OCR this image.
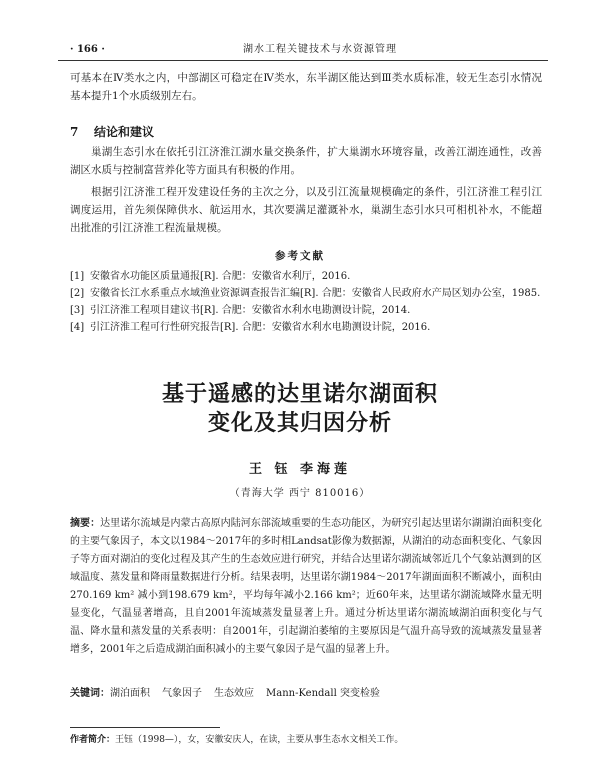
· 166 ·	湖水工程关键技术与水资源管理

可基本在Ⅳ类水之内，中部湖区可稳定在Ⅳ类水，东半湖区能达到Ⅲ类水质标准，较无生态引水情况基本提升1个水质级别左右。

7 结论和建议

巢湖生态引水在依托引江济淮江湖水量交换条件，扩大巢湖水环境容量，改善江湖连通性，改善湖区水质与控制富营养化等方面具有积极的作用。

根据引江济淮工程开发建设任务的主次之分，以及引江流量规模确定的条件，引江济淮工程引江调度运用，首先须保障供水、航运用水，其次要满足灌溉补水，巢湖生态引水只可相机补水，不能超出批准的引江济淮工程流量规模。

参考文献
[1] 安徽省水功能区质量通报[R]. 合肥：安徽省水利厅，2016.
[2] 安徽省长江水系重点水域渔业资源调查报告汇编[R]. 合肥：安徽省人民政府水产局区划办公室，1985.
[3] 引江济淮工程项目建议书[R]. 合肥：安徽省水利水电勘测设计院，2014.
[4] 引江济淮工程可行性研究报告[R]. 合肥：安徽省水利水电勘测设计院，2016.
基于遥感的达里诺尔湖面积
变化及其归因分析
王 钰 李海莲
（青海大学 西宁 810016）

摘要：达里诺尔流域是内蒙古高原内陆河东部流域重要的生态功能区，为研究引起达里诺尔湖湖泊面积变化的主要气象因子，本文以1984～2017年的多时相Landsat影像为数据源，从湖泊的动态面积变化、气象因子等方面对湖泊的变化过程及其产生的生态效应进行研究，并结合达里诺尔湖流域邻近几个气象站测到的区域温度、蒸发量和降雨量数据进行分析。结果表明，达里诺尔湖1984～2017年湖面面积不断减小，面积由270.169 km² 减小到198.679 km²，平均每年减小2.166 km²；近60年来，达里诺尔湖流域降水量无明显变化，气温显著增高，且自2001年流域蒸发量显著上升。通过分析达里诺尔湖流域湖泊面积变化与气温、降水量和蒸发量的关系表明：自2001年，引起湖泊萎缩的主要原因是气温升高导致的流域蒸发量显著增多，2001年之后造成湖泊面积减小的主要气象因子是气温的显著上升。

关键词：湖泊面积 气象因子 生态效应 Mann-Kendall 突变检验
作者简介：王钰（1998—），女，安徽安庆人，在读，主要从事生态水文相关工作。
